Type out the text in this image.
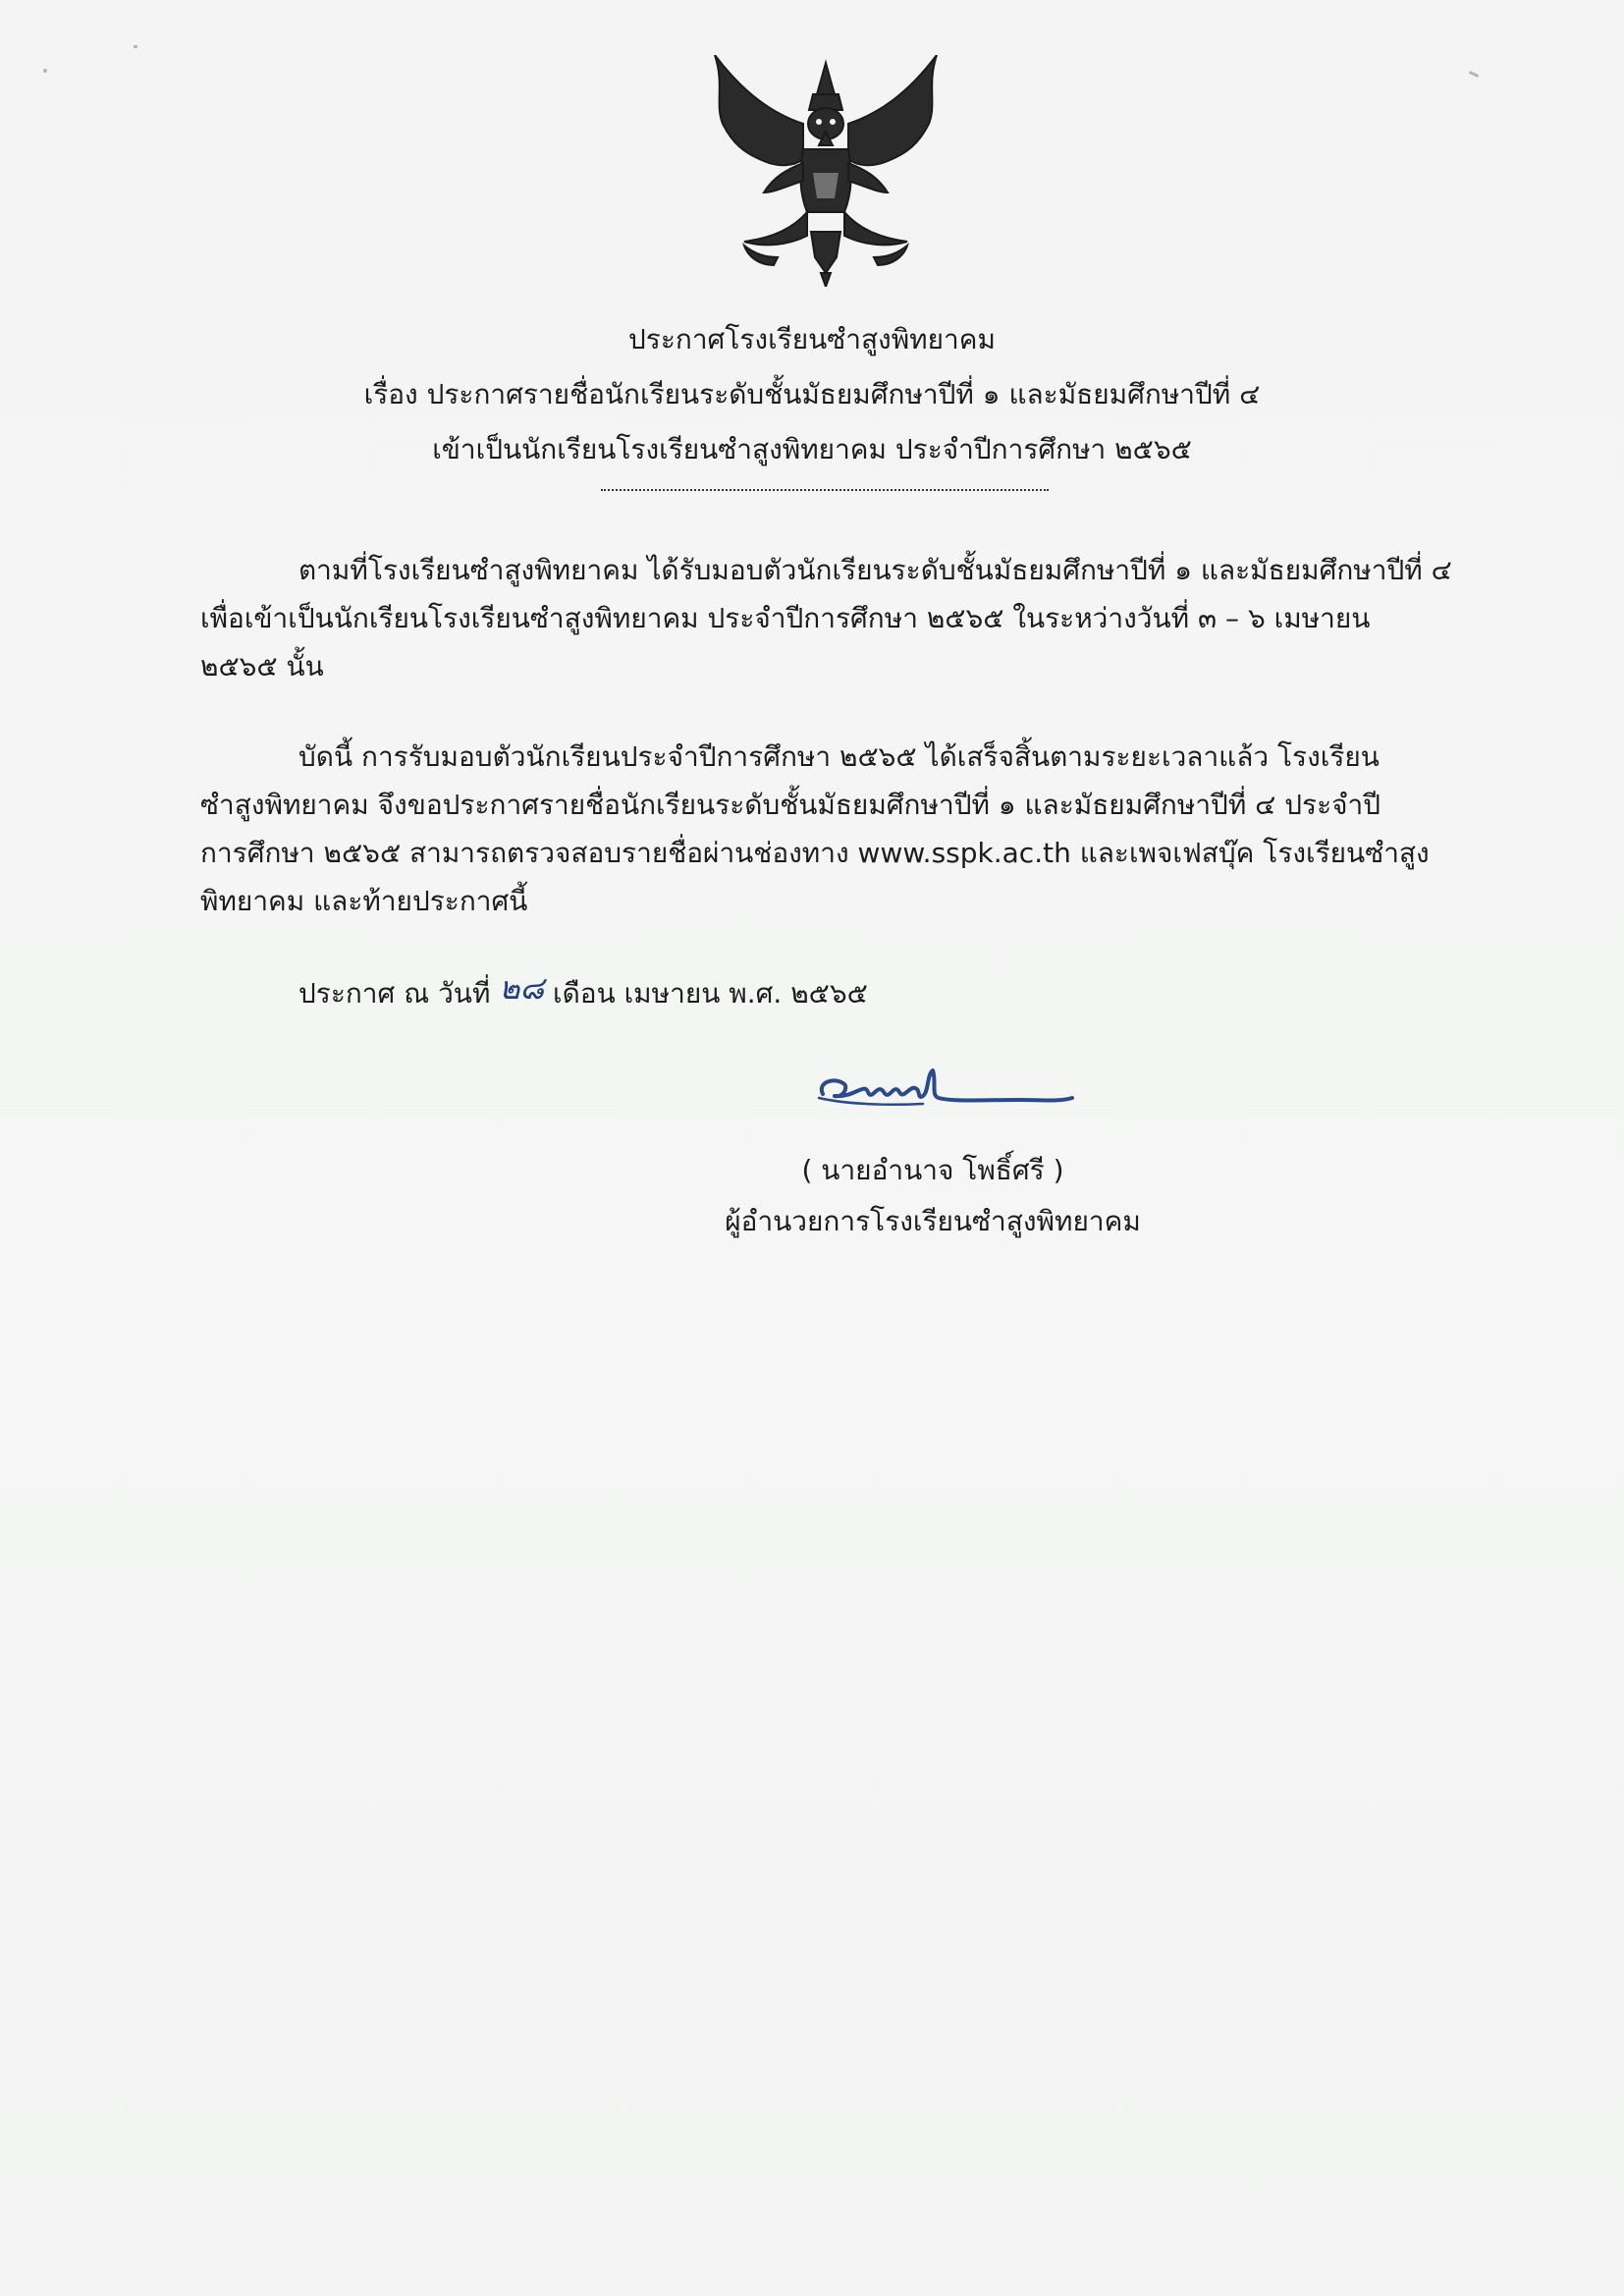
ประกาศโรงเรียนซำสูงพิทยาคม
เรื่อง ประกาศรายชื่อนักเรียนระดับชั้นมัธยมศึกษาปีที่ ๑ และมัธยมศึกษาปีที่ ๔
เข้าเป็นนักเรียนโรงเรียนซำสูงพิทยาคม ประจำปีการศึกษา ๒๕๖๕
ตามที่โรงเรียนซำสูงพิทยาคม ได้รับมอบตัวนักเรียนระดับชั้นมัธยมศึกษาปีที่ ๑ และมัธยมศึกษาปีที่ ๔
เพื่อเข้าเป็นนักเรียนโรงเรียนซำสูงพิทยาคม ประจำปีการศึกษา ๒๕๖๕ ในระหว่างวันที่ ๓ – ๖ เมษายน
๒๕๖๕ นั้น
บัดนี้ การรับมอบตัวนักเรียนประจำปีการศึกษา ๒๕๖๕ ได้เสร็จสิ้นตามระยะเวลาแล้ว โรงเรียน
ซำสูงพิทยาคม จึงขอประกาศรายชื่อนักเรียนระดับชั้นมัธยมศึกษาปีที่ ๑ และมัธยมศึกษาปีที่ ๔ ประจำปี
การศึกษา ๒๕๖๕ สามารถตรวจสอบรายชื่อผ่านช่องทาง www.sspk.ac.th และเพจเฟสบุ๊ค โรงเรียนซำสูง
พิทยาคม และท้ายประกาศนี้
ประกาศ ณ วันที่ ๒๘ เดือน เมษายน พ.ศ. ๒๕๖๕
( นายอำนาจ โพธิ์ศรี )
ผู้อำนวยการโรงเรียนซำสูงพิทยาคม
